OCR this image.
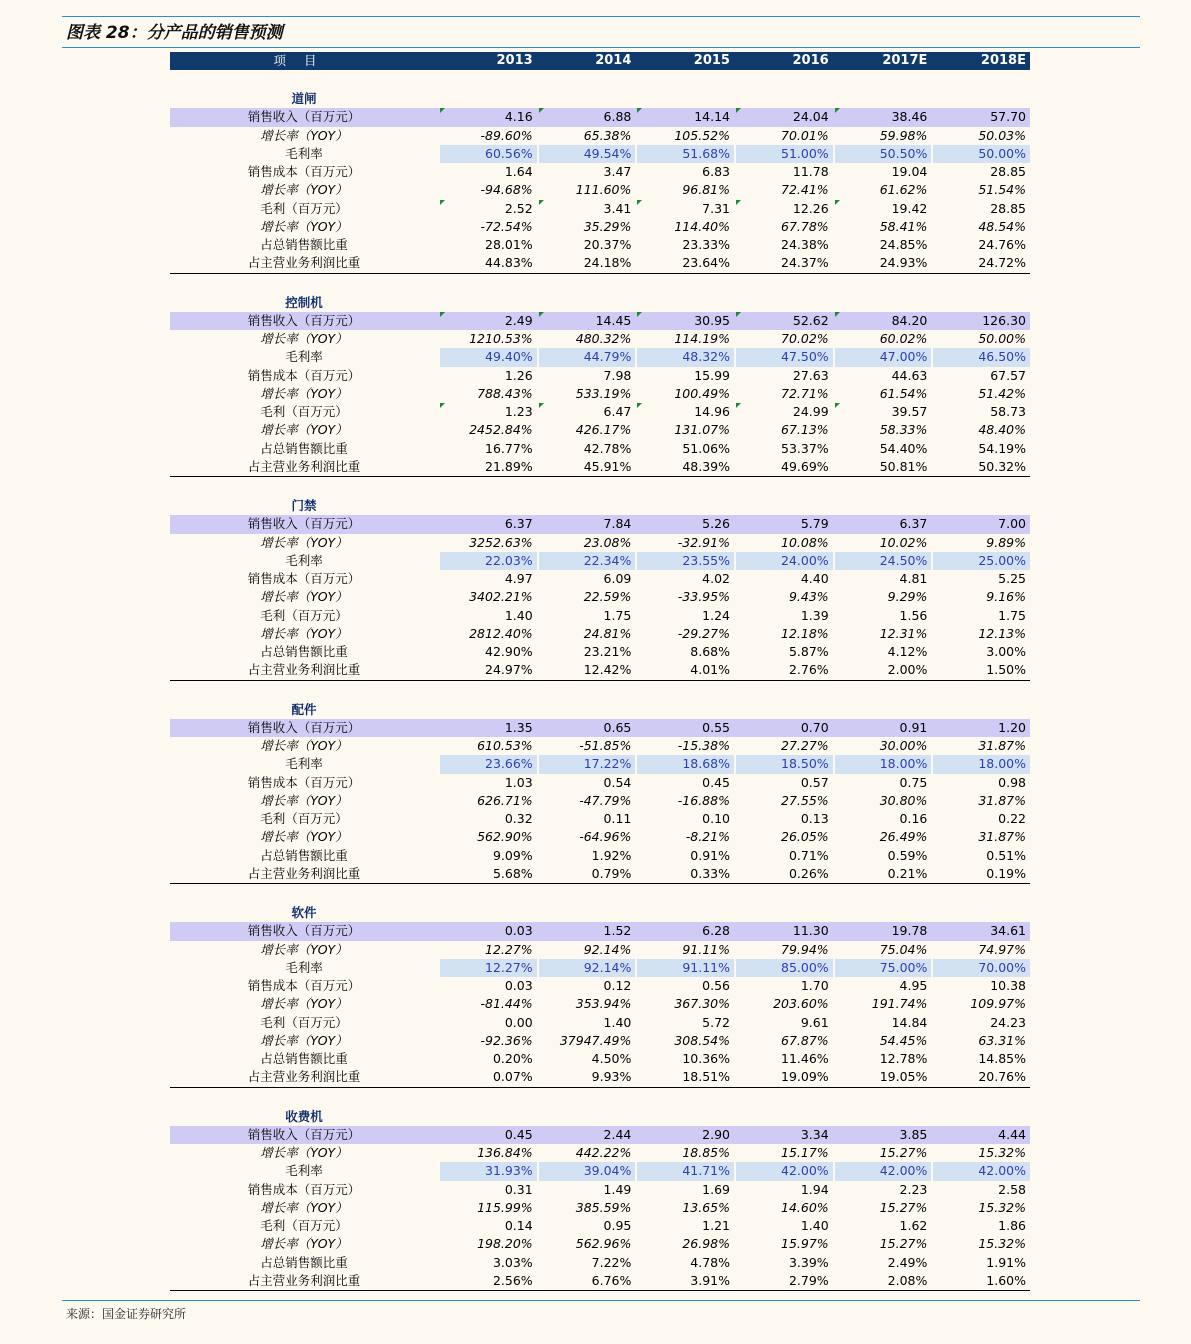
图表 28：分产品的销售预测
项目	2013	2014	2015	2016	2017E	2018E
道闸
销售收入（百万元）	4.16	6.88	14.14	24.04	38.46	57.70
增长率（YOY）	-89.60%	65.38%	105.52%	70.01%	59.98%	50.03%
毛利率	60.56%	49.54%	51.68%	51.00%	50.50%	50.00%
销售成本（百万元）	1.64	3.47	6.83	11.78	19.04	28.85
增长率（YOY）	-94.68%	111.60%	96.81%	72.41%	61.62%	51.54%
毛利（百万元）	2.52	3.41	7.31	12.26	19.42	28.85
增长率（YOY）	-72.54%	35.29%	114.40%	67.78%	58.41%	48.54%
占总销售额比重	28.01%	20.37%	23.33%	24.38%	24.85%	24.76%
占主营业务利润比重	44.83%	24.18%	23.64%	24.37%	24.93%	24.72%
控制机
销售收入（百万元）	2.49	14.45	30.95	52.62	84.20	126.30
增长率（YOY）	1210.53%	480.32%	114.19%	70.02%	60.02%	50.00%
毛利率	49.40%	44.79%	48.32%	47.50%	47.00%	46.50%
销售成本（百万元）	1.26	7.98	15.99	27.63	44.63	67.57
增长率（YOY）	788.43%	533.19%	100.49%	72.71%	61.54%	51.42%
毛利（百万元）	1.23	6.47	14.96	24.99	39.57	58.73
增长率（YOY）	2452.84%	426.17%	131.07%	67.13%	58.33%	48.40%
占总销售额比重	16.77%	42.78%	51.06%	53.37%	54.40%	54.19%
占主营业务利润比重	21.89%	45.91%	48.39%	49.69%	50.81%	50.32%
门禁
销售收入（百万元）	6.37	7.84	5.26	5.79	6.37	7.00
增长率（YOY）	3252.63%	23.08%	-32.91%	10.08%	10.02%	9.89%
毛利率	22.03%	22.34%	23.55%	24.00%	24.50%	25.00%
销售成本（百万元）	4.97	6.09	4.02	4.40	4.81	5.25
增长率（YOY）	3402.21%	22.59%	-33.95%	9.43%	9.29%	9.16%
毛利（百万元）	1.40	1.75	1.24	1.39	1.56	1.75
增长率（YOY）	2812.40%	24.81%	-29.27%	12.18%	12.31%	12.13%
占总销售额比重	42.90%	23.21%	8.68%	5.87%	4.12%	3.00%
占主营业务利润比重	24.97%	12.42%	4.01%	2.76%	2.00%	1.50%
配件
销售收入（百万元）	1.35	0.65	0.55	0.70	0.91	1.20
增长率（YOY）	610.53%	-51.85%	-15.38%	27.27%	30.00%	31.87%
毛利率	23.66%	17.22%	18.68%	18.50%	18.00%	18.00%
销售成本（百万元）	1.03	0.54	0.45	0.57	0.75	0.98
增长率（YOY）	626.71%	-47.79%	-16.88%	27.55%	30.80%	31.87%
毛利（百万元）	0.32	0.11	0.10	0.13	0.16	0.22
增长率（YOY）	562.90%	-64.96%	-8.21%	26.05%	26.49%	31.87%
占总销售额比重	9.09%	1.92%	0.91%	0.71%	0.59%	0.51%
占主营业务利润比重	5.68%	0.79%	0.33%	0.26%	0.21%	0.19%
软件
销售收入（百万元）	0.03	1.52	6.28	11.30	19.78	34.61
增长率（YOY）	12.27%	92.14%	91.11%	79.94%	75.04%	74.97%
毛利率	12.27%	92.14%	91.11%	85.00%	75.00%	70.00%
销售成本（百万元）	0.03	0.12	0.56	1.70	4.95	10.38
增长率（YOY）	-81.44%	353.94%	367.30%	203.60%	191.74%	109.97%
毛利（百万元）	0.00	1.40	5.72	9.61	14.84	24.23
增长率（YOY）	-92.36%	37947.49%	308.54%	67.87%	54.45%	63.31%
占总销售额比重	0.20%	4.50%	10.36%	11.46%	12.78%	14.85%
占主营业务利润比重	0.07%	9.93%	18.51%	19.09%	19.05%	20.76%
收费机
销售收入（百万元）	0.45	2.44	2.90	3.34	3.85	4.44
增长率（YOY）	136.84%	442.22%	18.85%	15.17%	15.27%	15.32%
毛利率	31.93%	39.04%	41.71%	42.00%	42.00%	42.00%
销售成本（百万元）	0.31	1.49	1.69	1.94	2.23	2.58
增长率（YOY）	115.99%	385.59%	13.65%	14.60%	15.27%	15.32%
毛利（百万元）	0.14	0.95	1.21	1.40	1.62	1.86
增长率（YOY）	198.20%	562.96%	26.98%	15.97%	15.27%	15.32%
占总销售额比重	3.03%	7.22%	4.78%	3.39%	2.49%	1.91%
占主营业务利润比重	2.56%	6.76%	3.91%	2.79%	2.08%	1.60%
来源：国金证券研究所
